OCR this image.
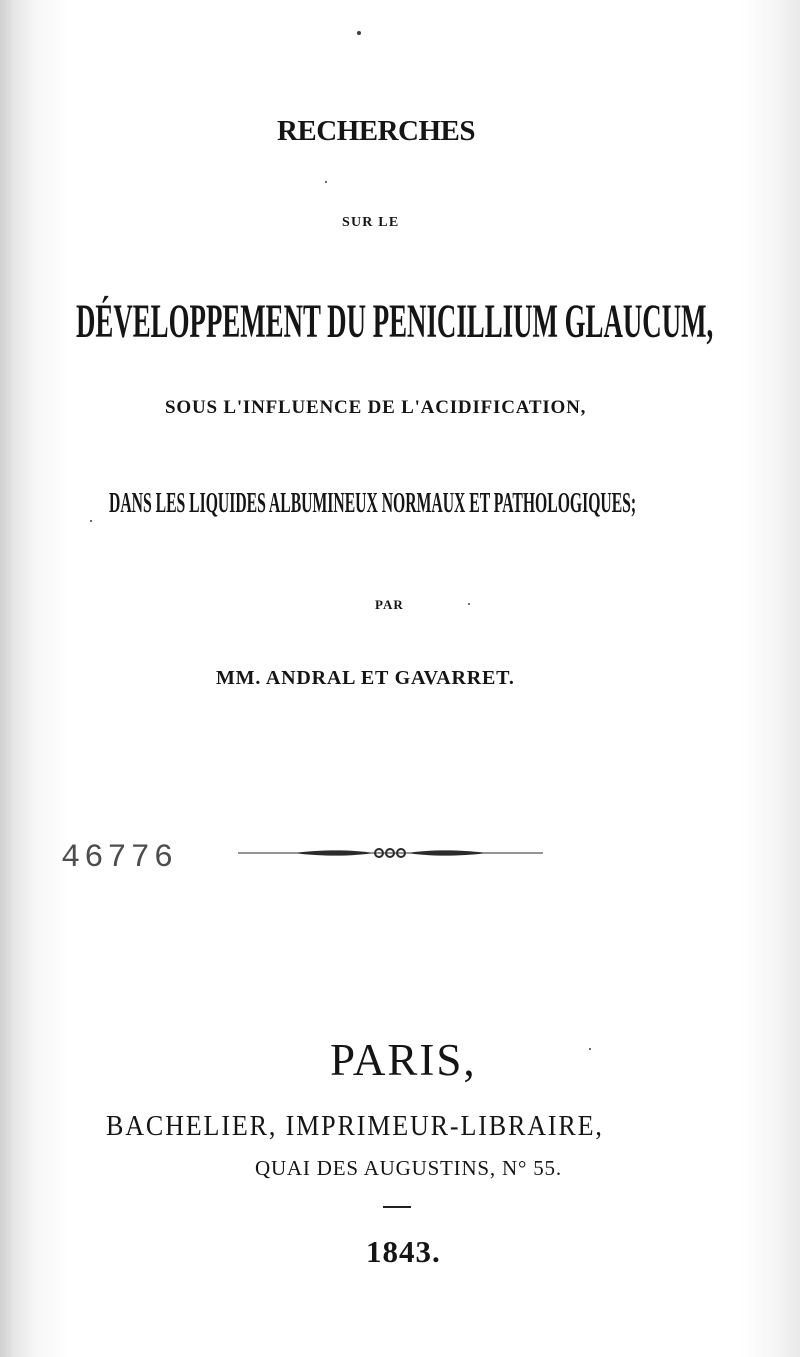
RECHERCHES
SUR LE
DÉVELOPPEMENT DU PENICILLIUM GLAUCUM,
SOUS L'INFLUENCE DE L'ACIDIFICATION,
DANS LES LIQUIDES ALBUMINEUX NORMAUX ET PATHOLOGIQUES;
PAR
MM. ANDRAL ET GAVARRET.
46776
PARIS,
BACHELIER, IMPRIMEUR-LIBRAIRE,
QUAI DES AUGUSTINS, N° 55.
1843.
